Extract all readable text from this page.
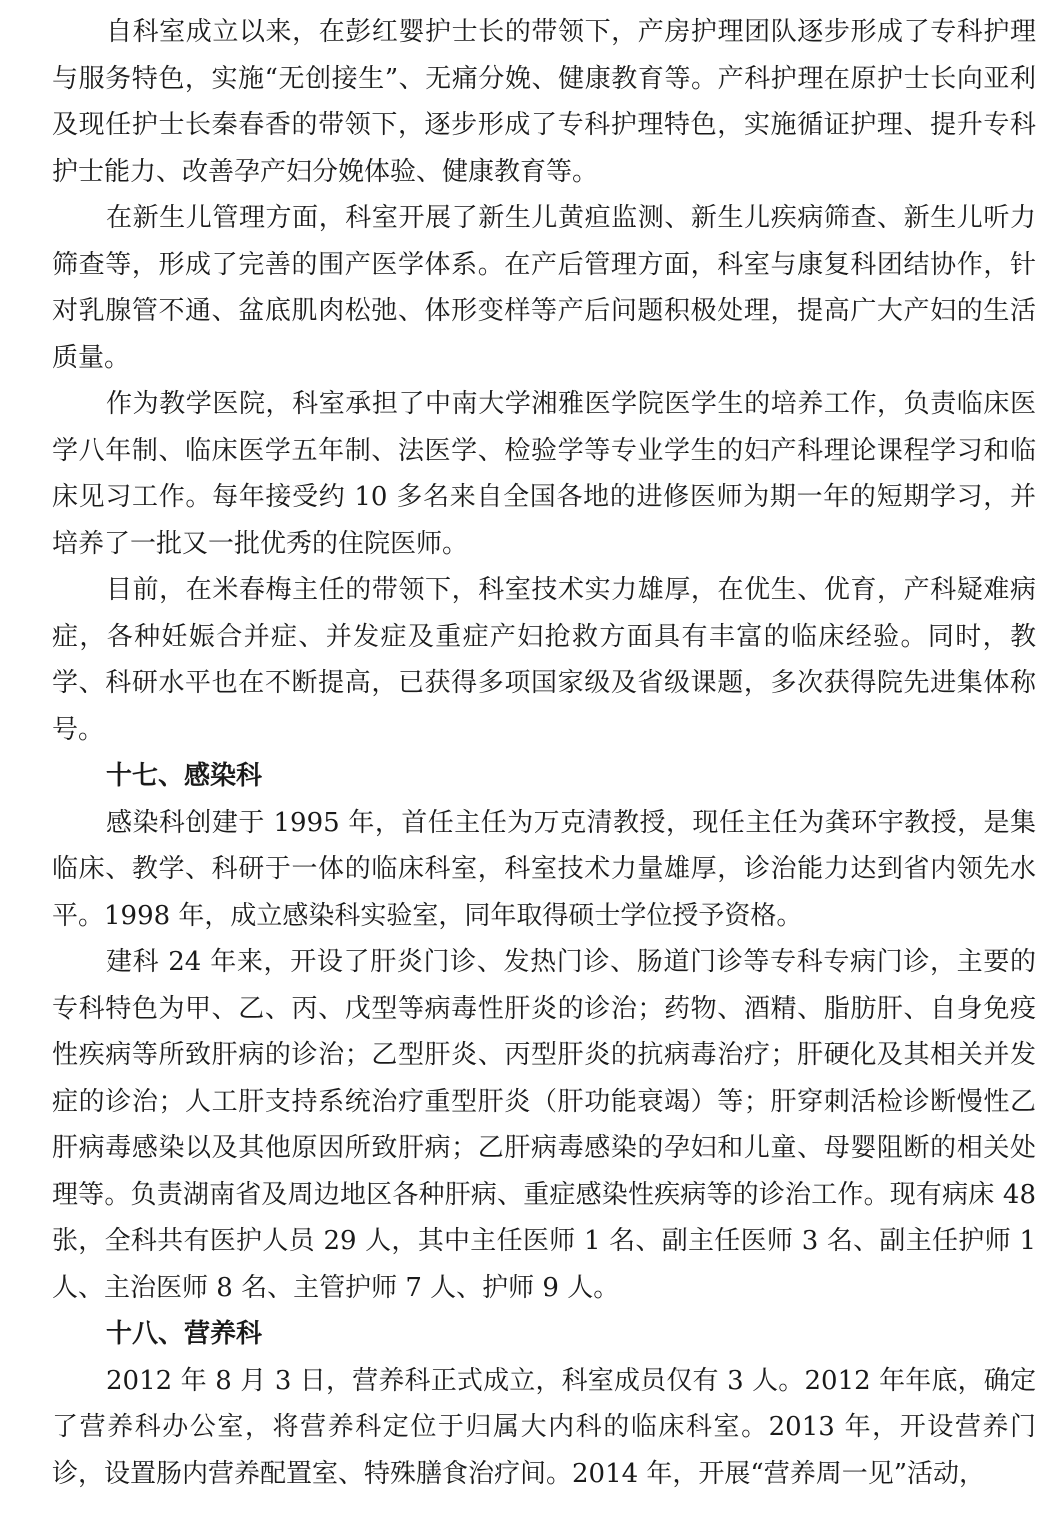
自科室成立以来，在彭红婴护士长的带领下，产房护理团队逐步形成了专科护理与服务特色，实施“无创接生”、无痛分娩、健康教育等。产科护理在原护士长向亚利及现任护士长秦春香的带领下，逐步形成了专科护理特色，实施循证护理、提升专科护士能力、改善孕产妇分娩体验、健康教育等。

在新生儿管理方面，科室开展了新生儿黄疸监测、新生儿疾病筛查、新生儿听力筛查等，形成了完善的围产医学体系。在产后管理方面，科室与康复科团结协作，针对乳腺管不通、盆底肌肉松弛、体形变样等产后问题积极处理，提高广大产妇的生活质量。

作为教学医院，科室承担了中南大学湘雅医学院医学生的培养工作，负责临床医学八年制、临床医学五年制、法医学、检验学等专业学生的妇产科理论课程学习和临床见习工作。每年接受约 10 多名来自全国各地的进修医师为期一年的短期学习，并培养了一批又一批优秀的住院医师。

目前，在米春梅主任的带领下，科室技术实力雄厚，在优生、优育，产科疑难病症，各种妊娠合并症、并发症及重症产妇抢救方面具有丰富的临床经验。同时，教学、科研水平也在不断提高，已获得多项国家级及省级课题，多次获得院先进集体称号。

十七、感染科

感染科创建于 1995 年，首任主任为万克清教授，现任主任为龚环宇教授，是集临床、教学、科研于一体的临床科室，科室技术力量雄厚，诊治能力达到省内领先水平。1998 年，成立感染科实验室，同年取得硕士学位授予资格。

建科 24 年来，开设了肝炎门诊、发热门诊、肠道门诊等专科专病门诊，主要的专科特色为甲、乙、丙、戊型等病毒性肝炎的诊治；药物、酒精、脂肪肝、自身免疫性疾病等所致肝病的诊治；乙型肝炎、丙型肝炎的抗病毒治疗；肝硬化及其相关并发症的诊治；人工肝支持系统治疗重型肝炎（肝功能衰竭）等；肝穿刺活检诊断慢性乙肝病毒感染以及其他原因所致肝病；乙肝病毒感染的孕妇和儿童、母婴阻断的相关处理等。负责湖南省及周边地区各种肝病、重症感染性疾病等的诊治工作。现有病床 48 张，全科共有医护人员 29 人，其中主任医师 1 名、副主任医师 3 名、副主任护师 1 人、主治医师 8 名、主管护师 7 人、护师 9 人。

十八、营养科

2012 年 8 月 3 日，营养科正式成立，科室成员仅有 3 人。2012 年年底，确定了营养科办公室，将营养科定位于归属大内科的临床科室。2013 年，开设营养门诊，设置肠内营养配置室、特殊膳食治疗间。2014 年，开展“营养周一见”活动，
